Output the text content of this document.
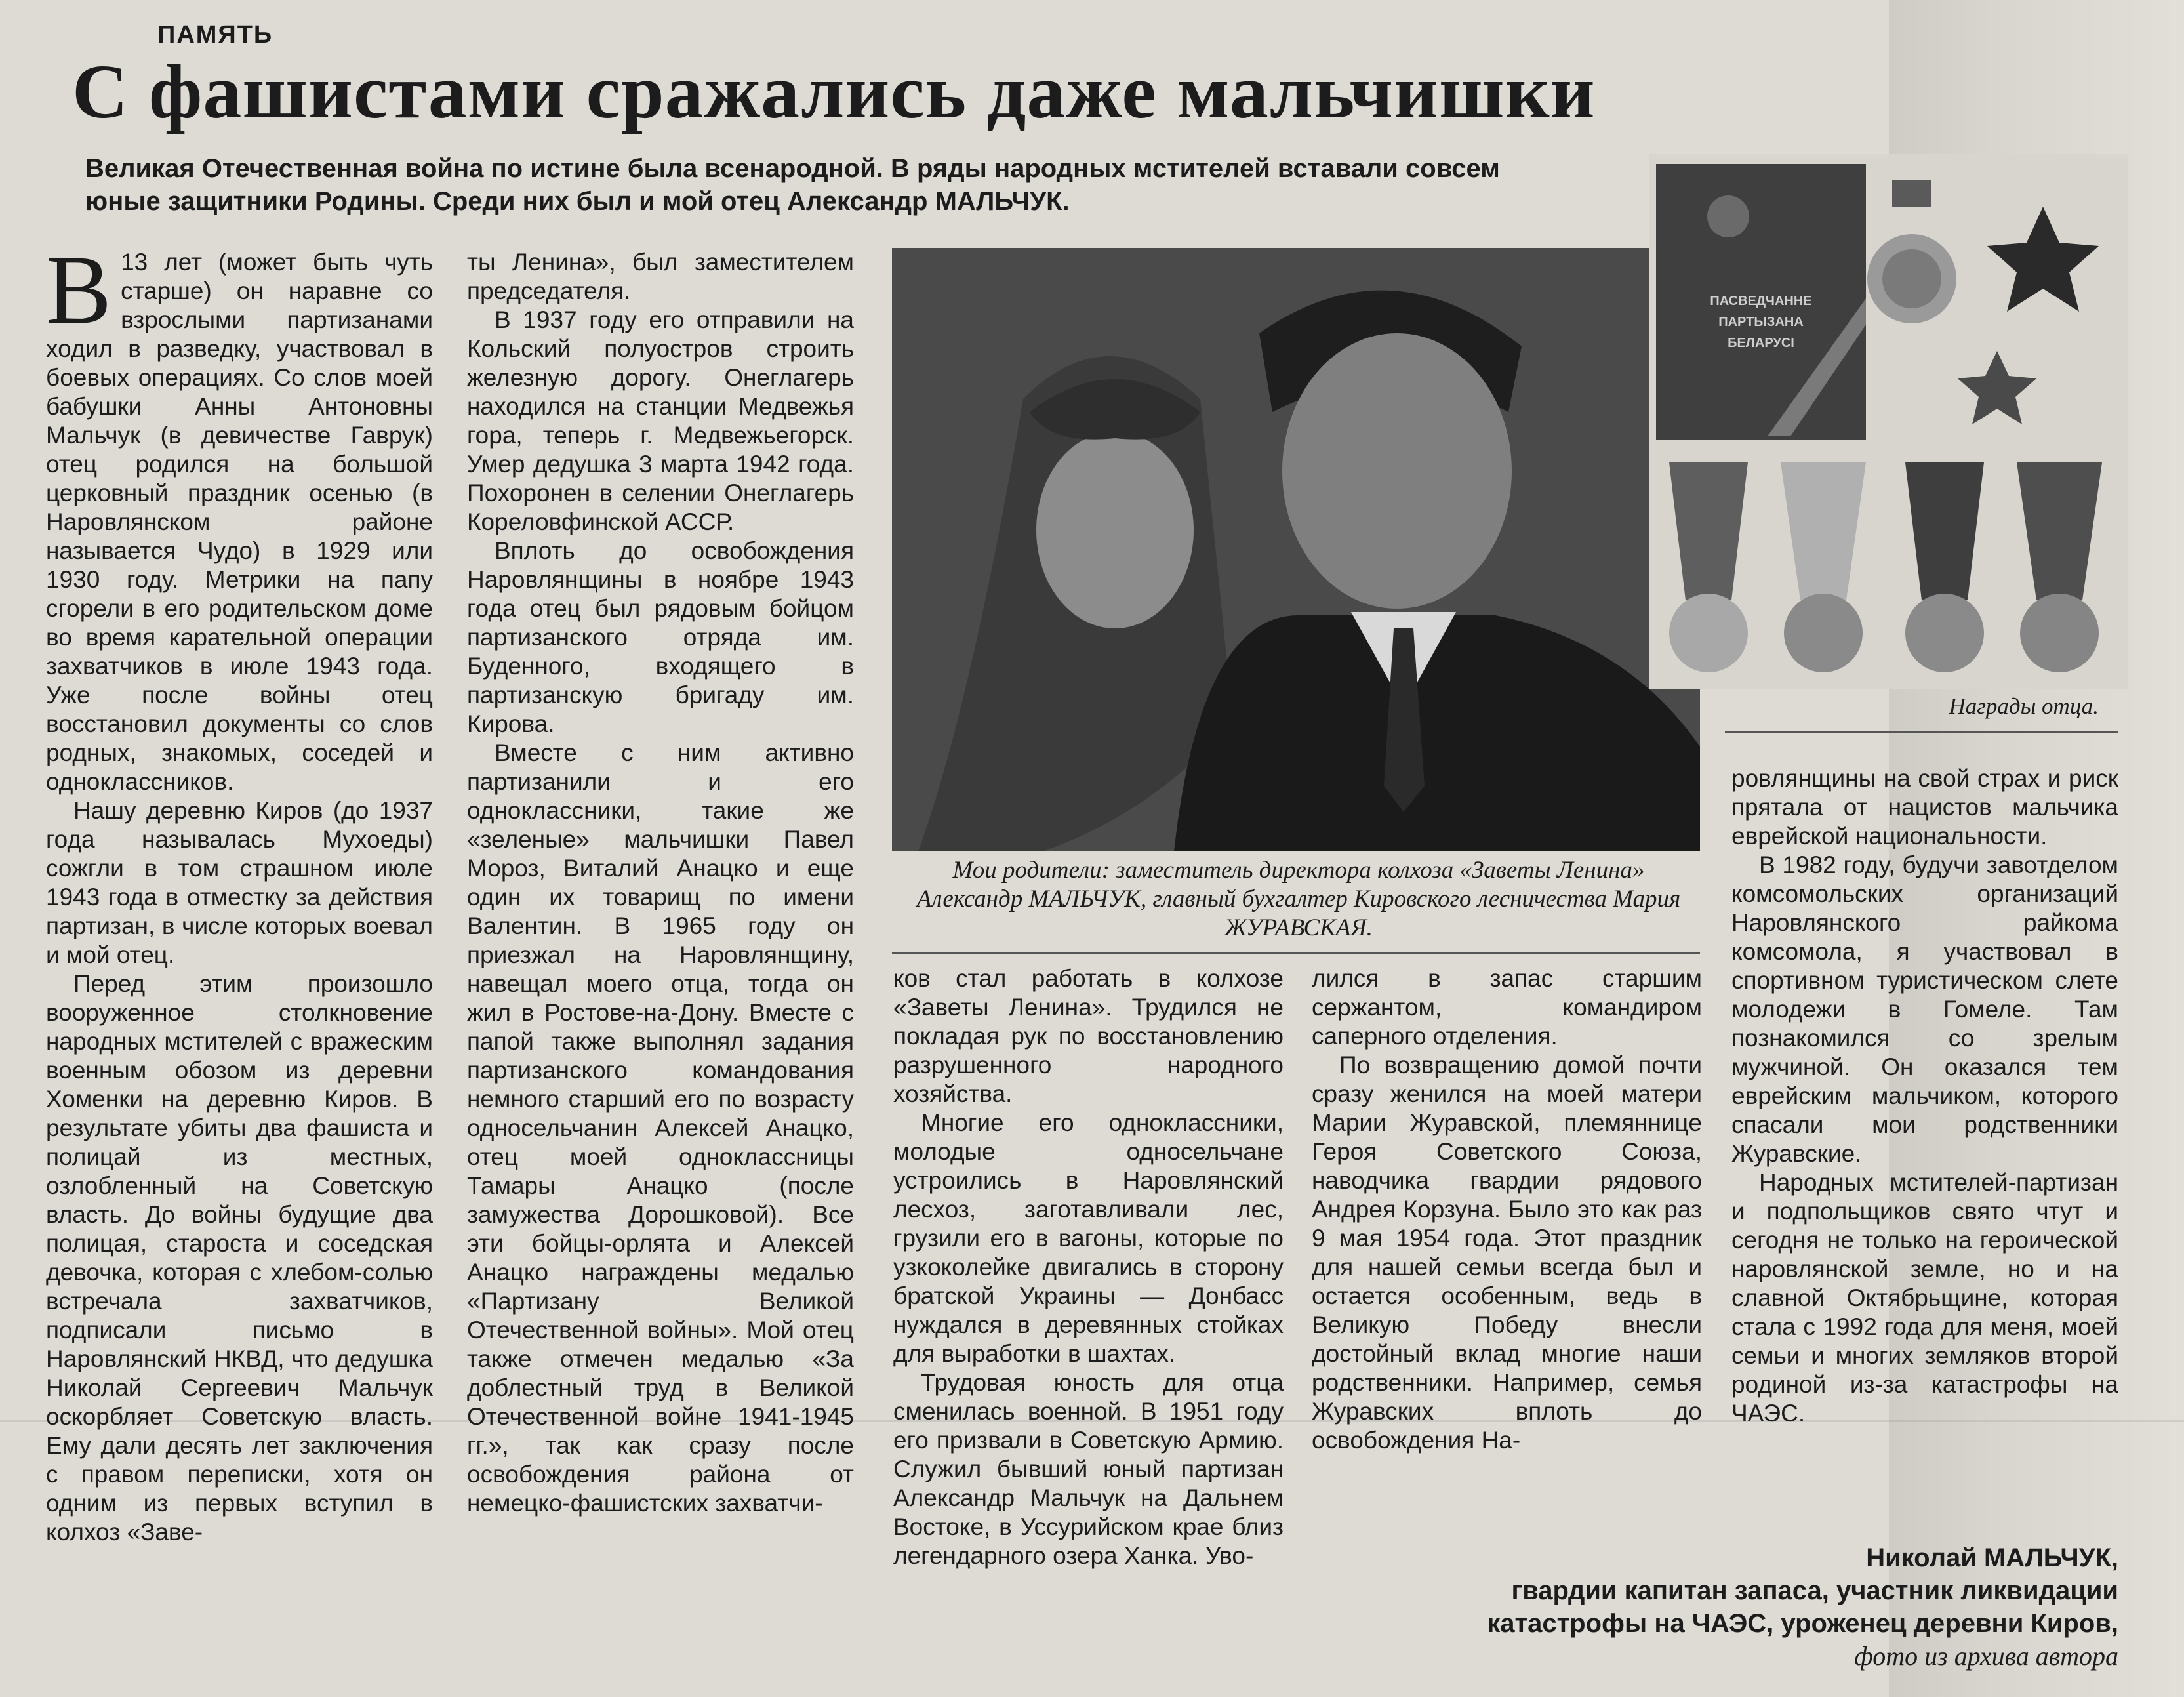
ПАМЯТЬ
С фашистами сражались даже мальчишки
Великая Отечественная война по истине была всенародной. В ряды народных мстителей вставали совсем юные защитники Родины. Среди них был и мой отец Александр МАЛЬЧУК.
В 13 лет (может быть чуть старше) он наравне со взрослыми партизанами ходил в разведку, участвовал в боевых операциях. Со слов моей бабушки Анны Антоновны Мальчук (в девичестве Гаврук) отец родился на большой церковный праздник осенью (в Наровлянском районе называется Чудо) в 1929 или 1930 году. Метрики на папу сгорели в его родительском доме во время карательной операции захватчиков в июле 1943 года. Уже после войны отец восстановил документы со слов родных, знакомых, соседей и одноклассников.

Нашу деревню Киров (до 1937 года называлась Мухоеды) сожгли в том страшном июле 1943 года в отместку за действия партизан, в числе которых воевал и мой отец.

Перед этим произошло вооруженное столкновение народных мстителей с вражеским военным обозом из деревни Хоменки на деревню Киров. В результате убиты два фашиста и полицай из местных, озлобленный на Советскую власть. До войны будущие два полицая, староста и соседская девочка, которая с хлебом-солью встречала захватчиков, подписали письмо в Наровлянский НКВД, что дедушка Николай Сергеевич Мальчук оскорбляет Советскую власть. Ему дали десять лет заключения с правом переписки, хотя он одним из первых вступил в колхоз «Заве-

ты Ленина», был заместителем председателя.

В 1937 году его отправили на Кольский полуостров строить железную дорогу. Онеглагерь находился на станции Медвежья гора, теперь г. Медвежьегорск. Умер дедушка 3 марта 1942 года. Похоронен в селении Онеглагерь Кореловфинской АССР.

Вплоть до освобождения Наровлянщины в ноябре 1943 года отец был рядовым бойцом партизанского отряда им. Буденного, входящего в партизанскую бригаду им. Кирова.

Вместе с ним активно партизанили и его одноклассники, такие же «зеленые» мальчишки Павел Мороз, Виталий Анацко и еще один их товарищ по имени Валентин. В 1965 году он приезжал на Наровлянщину, навещал моего отца, тогда он жил в Ростове-на-Дону. Вместе с папой также выполнял задания партизанского командования немного старший его по возрасту односельчанин Алексей Анацко, отец моей одноклассницы Тамары Анацко (после замужества Дорошковой). Все эти бойцы-орлята и Алексей Анацко награждены медалью «Партизану Великой Отечественной войны». Мой отец также отмечен медалью «За доблестный труд в Великой Отечественной войне 1941-1945 гг.», так как сразу после освобождения района от немецко-фашистских захватчи-

Мои родители: заместитель директора колхоза «Заветы Ленина» Александр МАЛЬЧУК, главный бухгалтер Кировского лесничества Мария ЖУРАВСКАЯ.
ПАСВЕДЧАННЕ
ПАРТЫЗАНА
БЕЛАРУСІ
Награды отца.

ков стал работать в колхозе «Заветы Ленина». Трудился не покладая рук по восстановлению разрушенного народного хозяйства.

Многие его одноклассники, молодые односельчане устроились в Наровлянский лесхоз, заготавливали лес, грузили его в вагоны, которые по узкоколейке двигались в сторону братской Украины — Донбасс нуждался в деревянных стойках для выработки в шахтах.

Трудовая юность для отца сменилась военной. В 1951 году его призвали в Советскую Армию. Служил бывший юный партизан Александр Мальчук на Дальнем Востоке, в Уссурийском крае близ легендарного озера Ханка. Уво-

лился в запас старшим сержантом, командиром саперного отделения.

По возвращению домой почти сразу женился на моей матери Марии Журавской, племяннице Героя Советского Союза, наводчика гвардии рядового Андрея Корзуна. Было это как раз 9 мая 1954 года. Этот праздник для нашей семьи всегда был и остается особенным, ведь в Великую Победу внесли достойный вклад многие наши родственники. Например, семья Журавских вплоть до освобождения На-

ровлянщины на свой страх и риск прятала от нацистов мальчика еврейской национальности.

В 1982 году, будучи завотделом комсомольских организаций Наровлянского райкома комсомола, я участвовал в спортивном туристическом слете молодежи в Гомеле. Там познакомился со зрелым мужчиной. Он оказался тем еврейским мальчиком, которого спасали мои родственники Журавские.

Народных мстителей-партизан и подпольщиков свято чтут и сегодня не только на героической наровлянской земле, но и на славной Октябрьщине, которая стала с 1992 года для меня, моей семьи и многих земляков второй родиной из-за катастрофы на ЧАЭС.

Николай МАЛЬЧУК,
гвардии капитан запаса, участник ликвидации
катастрофы на ЧАЭС, уроженец деревни Киров,
фото из архива автора
